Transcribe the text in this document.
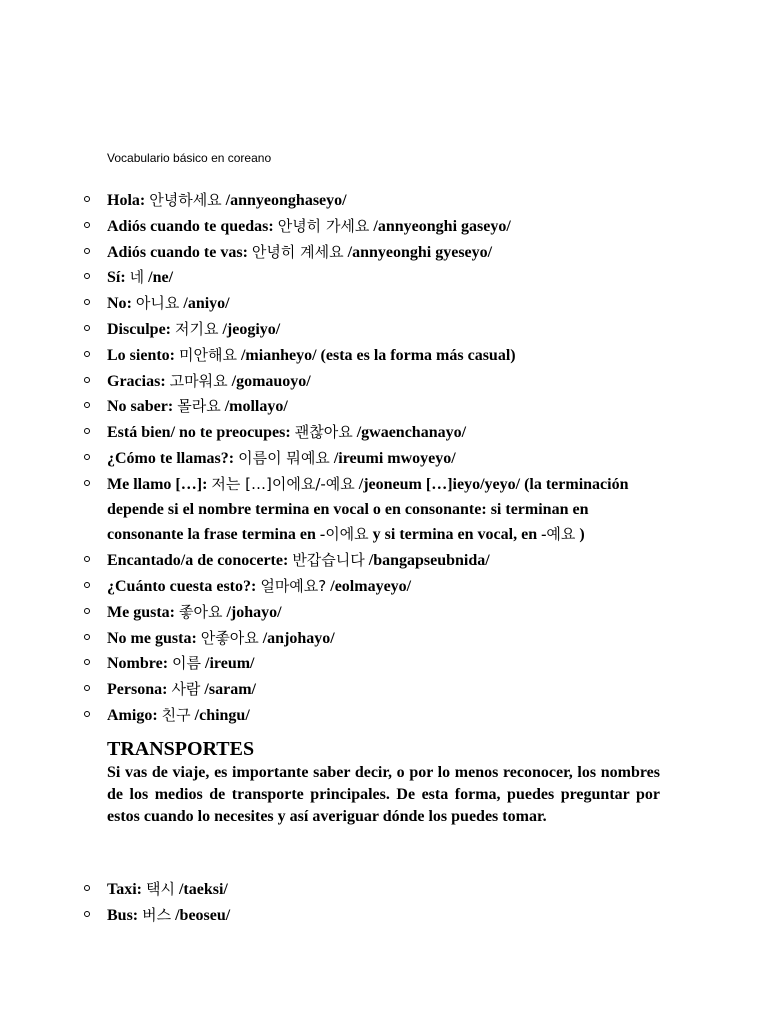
Vocabulario básico en coreano
Hola: 안녕하세요 /annyeonghaseyo/
Adiós cuando te quedas: 안녕히 가세요 /annyeonghi gaseyo/
Adiós cuando te vas: 안녕히 계세요 /annyeonghi gyeseyo/
Sí: 네 /ne/
No: 아니요 /aniyo/
Disculpe: 저기요 /jeogiyo/
Lo siento: 미안해요 /mianheyo/ (esta es la forma más casual)
Gracias: 고마워요 /gomauoyo/
No saber: 몰라요 /mollayo/
Está bien/ no te preocupes: 괜찮아요 /gwaenchanayo/
¿Cómo te llamas?: 이름이 뭐예요 /ireumi mwoyeyo/
Me llamo […]: 저는 […]이에요/-예요 /jeoneum […]ieyo/yeyo/ (la terminación depende si el nombre termina en vocal o en consonante: si terminan en consonante la frase termina en -이에요 y si termina en vocal, en -예요 )
Encantado/a de conocerte: 반갑습니다 /bangapseubnida/
¿Cuánto cuesta esto?: 얼마예요? /eolmayeyo/
Me gusta: 좋아요 /johayo/
No me gusta: 안좋아요 /anjohayo/
Nombre: 이름 /ireum/
Persona: 사람 /saram/
Amigo: 친구 /chingu/
TRANSPORTES
Si vas de viaje, es importante saber decir, o por lo menos reconocer, los nombres de los medios de transporte principales. De esta forma, puedes preguntar por estos cuando lo necesites y así averiguar dónde los puedes tomar.
Taxi: 택시 /taeksi/
Bus: 버스 /beoseu/
